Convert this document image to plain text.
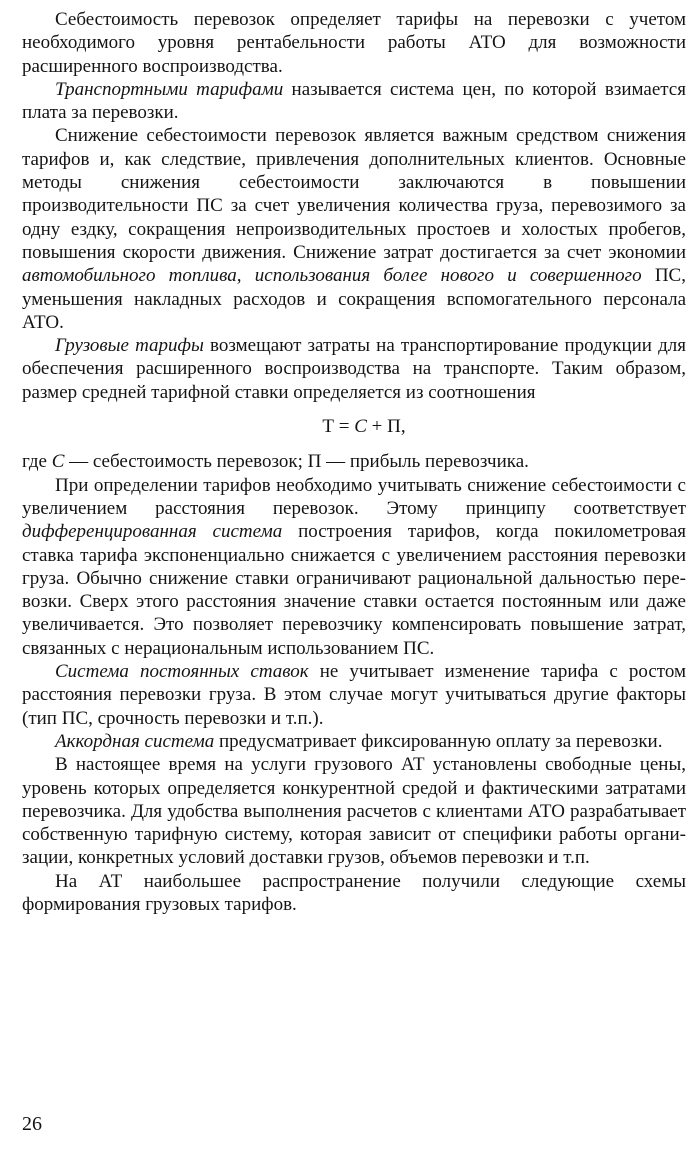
Себестоимость перевозок определяет тарифы на перевозки с учетом необходимого уровня рентабельности работы АТО для возможности расширенного воспроизводства.

Транспортными тарифами называется система цен, по которой взимается плата за перевозки.

Снижение себестоимости перевозок является важным средством снижения тарифов и, как следствие, привлечения дополнительных клиентов. Основные методы снижения себестоимости заключаются в повышении производительности ПС за счет увеличения количества груза, перевозимого за одну ездку, сокращения непроизводительных простоев и холостых пробегов, повышения скорости движения. Снижение затрат достигается за счет экономии автомобильного топлива, использования более нового и совершенного ПС, уменьшения накладных расходов и сокращения вспомогательного персонала АТО.

Грузовые тарифы возмещают затраты на транспортирование продукции для обеспечения расширенного воспроизводства на транспорте. Таким образом, размер средней тарифной ставки определяется из соотношения

Т = С + П,

где С — себестоимость перевозок; П — прибыль перевозчика.

При определении тарифов необходимо учитывать снижение себестоимости с увеличением расстояния перевозок. Этому принципу соответствует дифференцированная система построения тарифов, когда покилометровая ставка тарифа экспоненциально снижается с увеличением расстояния перевозки груза. Обычно снижение ставки ограничивают рациональной дальностью перевозки. Сверх этого расстояния значение ставки остается постоянным или даже увеличивается. Это позволяет перевозчику компенсировать повышение затрат, связанных с нерациональным использованием ПС.

Система постоянных ставок не учитывает изменение тарифа с ростом расстояния перевозки груза. В этом случае могут учитываться другие факторы (тип ПС, срочность перевозки и т.п.).

Аккордная система предусматривает фиксированную оплату за перевозки.

В настоящее время на услуги грузового АТ установлены свободные цены, уровень которых определяется конкурентной средой и фактическими затратами перевозчика. Для удобства выполнения расчетов с клиентами АТО разрабатывает собственную тарифную систему, которая зависит от специфики работы организации, конкретных условий доставки грузов, объемов перевозки и т.п.

На АТ наибольшее распространение получили следующие схемы формирования грузовых тарифов.

26
